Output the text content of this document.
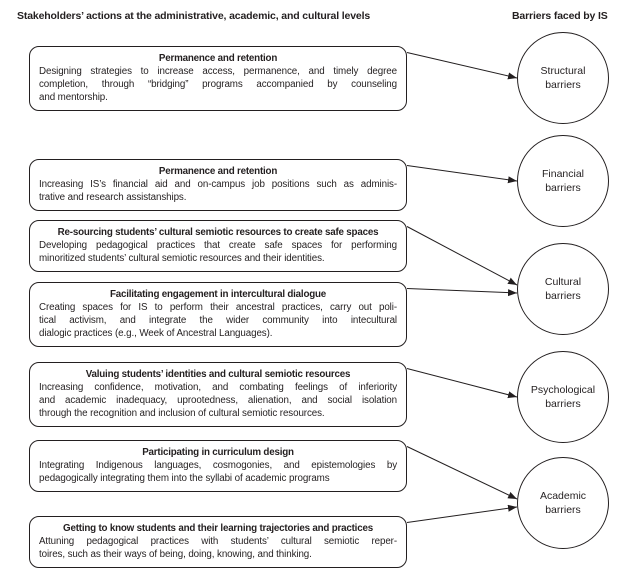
Stakeholders’ actions at the administrative, academic, and cultural levels	Barriers faced by IS
Permanence and retention
Designing strategies to increase access, permanence, and timely degree
completion, through “bridging” programs accompanied by counseling
and mentorship.
Permanence and retention
Increasing IS’s financial aid and on-campus job positions such as adminis-
trative and research assistanships.
Re-sourcing students’ cultural semiotic resources to create safe spaces
Developing pedagogical practices that create safe spaces for performing
minoritized students’ cultural semiotic resources and their identities.
Facilitating engagement in intercultural dialogue
Creating spaces for IS to perform their ancestral practices, carry out poli-
tical activism, and integrate the wider community into intecultural
dialogic practices (e.g., Week of Ancestral Languages).
Valuing students’ identities and cultural semiotic resources
Increasing confidence, motivation, and combating feelings of inferiority
and academic inadequacy, uprootedness, alienation, and social isolation
through the recognition and inclusion of cultural semiotic resources.
Participating in curriculum design
Integrating Indigenous languages, cosmogonies, and epistemologies by
pedagogically integrating them into the syllabi of academic programs
Getting to know students and their learning trajectories and practices
Attuning pedagogical practices with students’ cultural semiotic reper-
toires, such as their ways of being, doing, knowing, and thinking.
Structural
barriers
Financial
barriers
Cultural
barriers
Psychological
barriers
Academic
barriers
